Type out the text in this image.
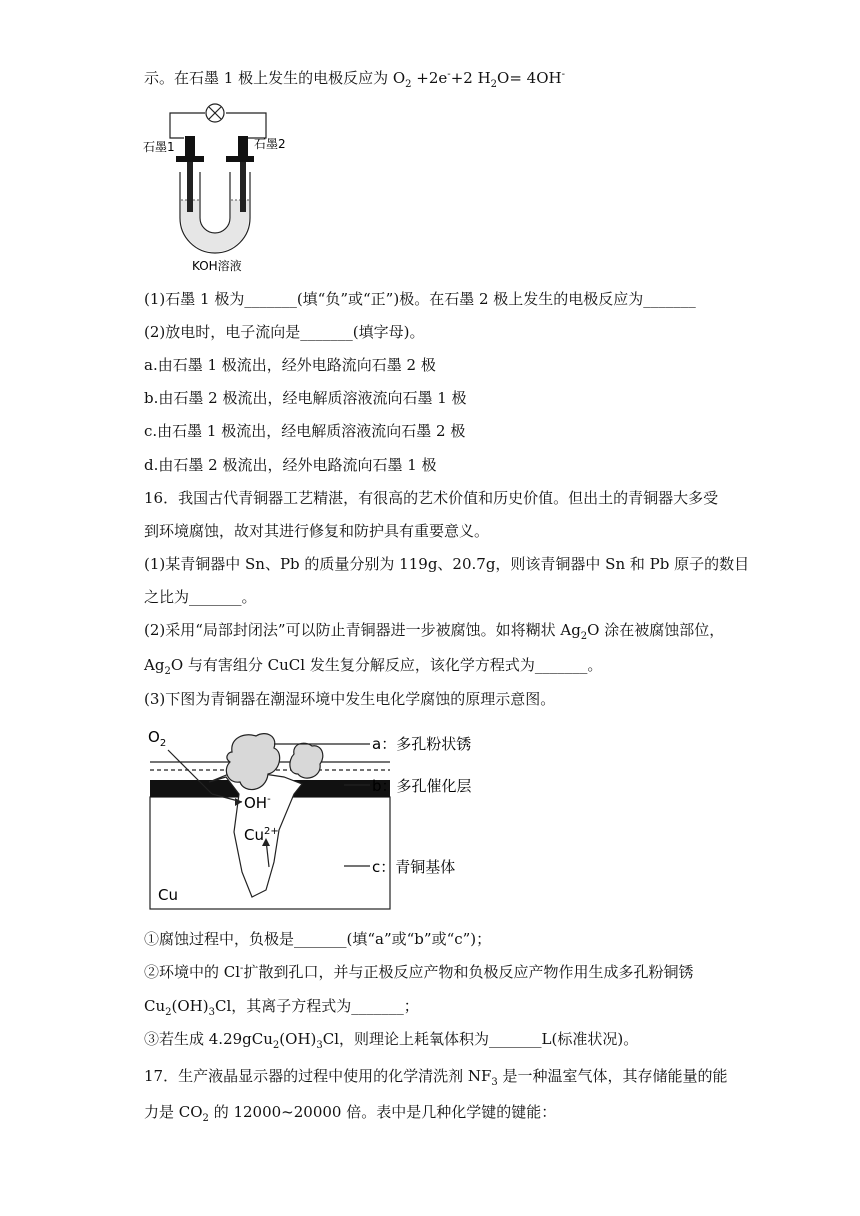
示。在石墨 1 极上发生的电极反应为 $O_2 +2e^-+2$ $H_2O= 4OH^-$
石墨1	石墨2
KOH溶液
(1)石墨 1 极为_______(填“负”或“正”)极。在石墨 2 极上发生的电极反应为_______
(2)放电时，电子流向是_______(填字母)。
a.由石墨 1 极流出，经外电路流向石墨 2 极
b.由石墨 2 极流出，经电解质溶液流向石墨 1 极
c.由石墨 1 极流出，经电解质溶液流向石墨 2 极
d.由石墨 2 极流出，经外电路流向石墨 1 极
16．我国古代青铜器工艺精湛，有很高的艺术价值和历史价值。但出土的青铜器大多受
到环境腐蚀，故对其进行修复和防护具有重要意义。
(1)某青铜器中 Sn、Pb 的质量分别为 119g、20.7g，则该青铜器中 Sn 和 Pb 原子的数目
之比为_______。
(2)采用“局部封闭法”可以防止青铜器进一步被腐蚀。如将糊状 $Ag_2O$ 涂在被腐蚀部位，
$Ag_2O$ 与有害组分 CuCl 发生复分解反应，该化学方程式为_______。
(3)下图为青铜器在潮湿环境中发生电化学腐蚀的原理示意图。
$O_2$
OH-
$Cu^{2+}$
Cu
a：多孔粉状锈
b：多孔催化层
c：青铜基体
①腐蚀过程中，负极是_______(填“a”或“b”或“c”)；
②环境中的 Cl-扩散到孔口，并与正极反应产物和负极反应产物作用生成多孔粉铜锈
$Cu_2(OH)_3Cl$，其离子方程式为_______；
③若生成 $4.29gCu_2(OH)_3Cl$，则理论上耗氧体积为_______L(标准状况)。
17．生产液晶显示器的过程中使用的化学清洗剂 $NF_3$ 是一种温室气体，其存储能量的能
力是 $CO_2$ 的 12000~20000 倍。表中是几种化学键的键能：
